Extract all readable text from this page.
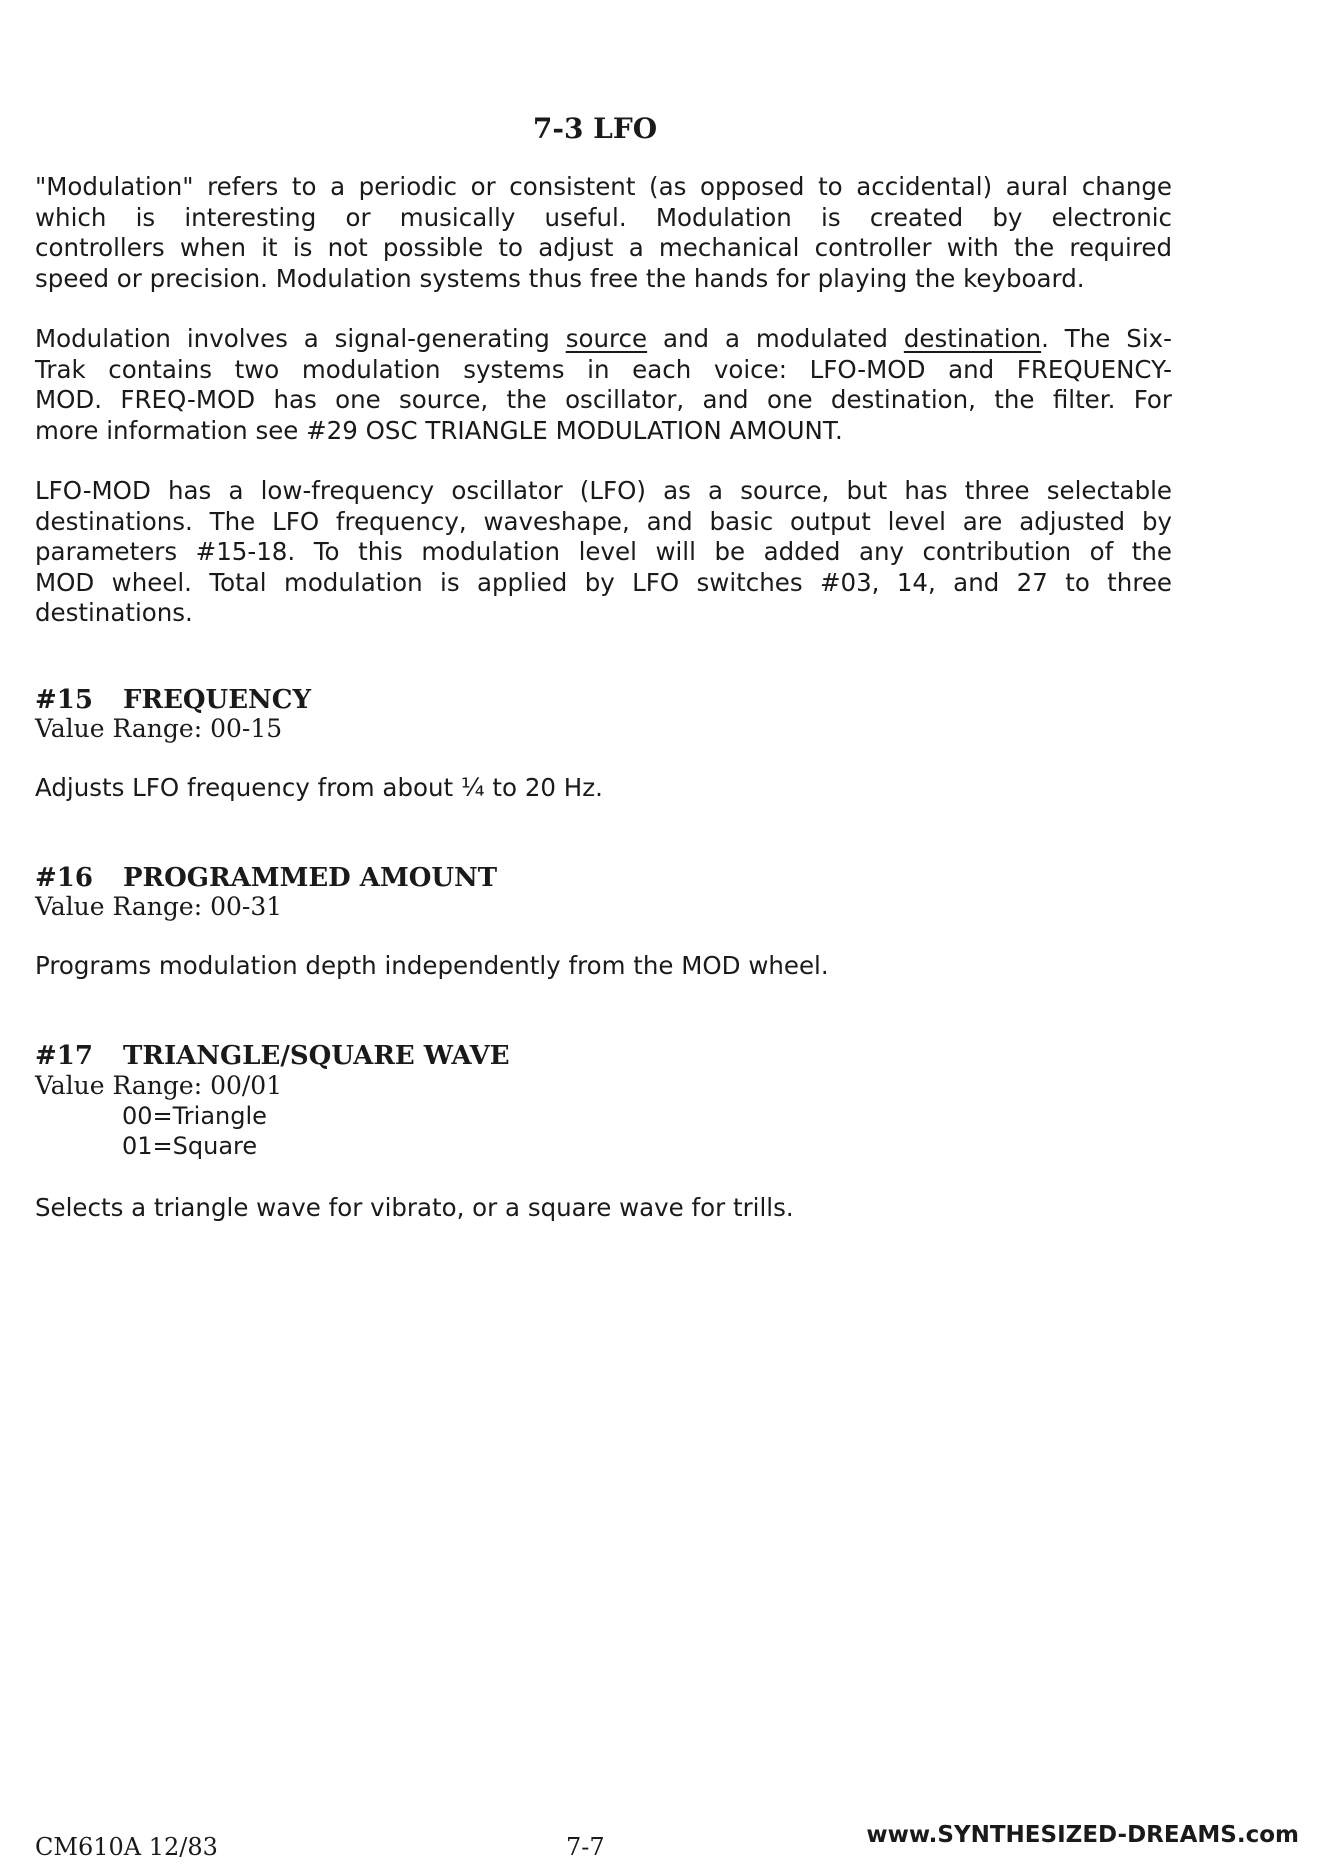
7-3 LFO

"Modulation" refers to a periodic or consistent (as opposed to accidental) aural change
which is interesting or musically useful. Modulation is created by electronic
controllers when it is not possible to adjust a mechanical controller with the required
speed or precision. Modulation systems thus free the hands for playing the keyboard.

Modulation involves a signal-generating source and a modulated destination. The Six-
Trak contains two modulation systems in each voice: LFO-MOD and FREQUENCY-
MOD. FREQ-MOD has one source, the oscillator, and one destination, the filter. For
more information see #29 OSC TRIANGLE MODULATION AMOUNT.

LFO-MOD has a low-frequency oscillator (LFO) as a source, but has three selectable
destinations. The LFO frequency, waveshape, and basic output level are adjusted by
parameters #15-18. To this modulation level will be added any contribution of the
MOD wheel. Total modulation is applied by LFO switches #03, 14, and 27 to three
destinations.

#15 FREQUENCY
Value Range: 00-15
Adjusts LFO frequency from about ¼ to 20 Hz.
#16 PROGRAMMED AMOUNT
Value Range: 00-31
Programs modulation depth independently from the MOD wheel.
#17 TRIANGLE/SQUARE WAVE
Value Range: 00/01
00=Triangle
01=Square
Selects a triangle wave for vibrato, or a square wave for trills.
CM610A 12/83	7-7	www.SYNTHESIZED-DREAMS.com
